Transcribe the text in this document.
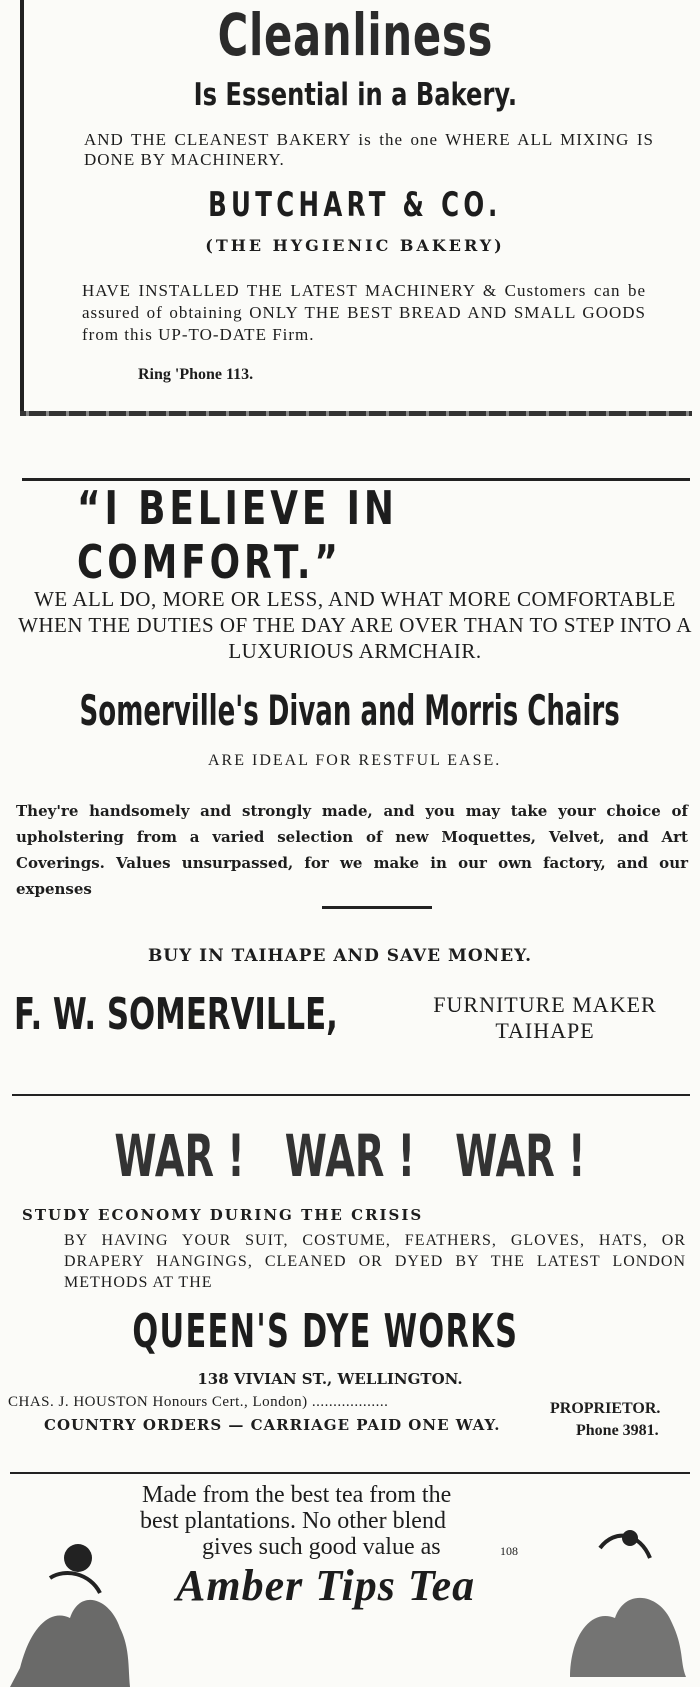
Cleanliness
Is Essential in a Bakery.
AND THE CLEANEST BAKERY is the one WHERE ALL MIXING IS DONE BY MACHINERY.
BUTCHART & CO.
(THE HYGIENIC BAKERY)
HAVE INSTALLED THE LATEST MACHINERY & Customers can be assured of obtaining ONLY THE BEST BREAD AND SMALL GOODS from this UP-TO-DATE Firm.
Ring 'Phone 113.
“I BELIEVE IN COMFORT.”
WE ALL DO, MORE OR LESS, AND WHAT MORE COMFORTABLE WHEN THE DUTIES OF THE DAY ARE OVER THAN TO STEP INTO A LUXURIOUS ARMCHAIR.
Somerville's Divan and Morris Chairs
ARE IDEAL FOR RESTFUL EASE.
They're handsomely and strongly made, and you may take your choice of upholstering from a varied selection of new Moquettes, Velvet, and Art Coverings. Values unsurpassed, for we make in our own factory, and our expenses
BUY IN TAIHAPE AND SAVE MONEY.
F. W. SOMERVILLE,	FURNITURE MAKER
TAIHAPE
WAR !   WAR !   WAR !
STUDY ECONOMY DURING THE CRISIS
BY HAVING YOUR SUIT, COSTUME, FEATHERS, GLOVES, HATS, OR DRAPERY HANGINGS, CLEANED OR DYED BY THE LATEST LONDON METHODS AT THE
QUEEN'S DYE WORKS
138 VIVIAN ST., WELLINGTON.
CHAS. J. HOUSTON Honours Cert., London) ..................	PROPRIETOR.
COUNTRY ORDERS — CARRIAGE PAID ONE WAY.	Phone 3981.
Made from the best tea from the
best plantations. No other blend
gives such good value as	108
Amber Tips Tea
